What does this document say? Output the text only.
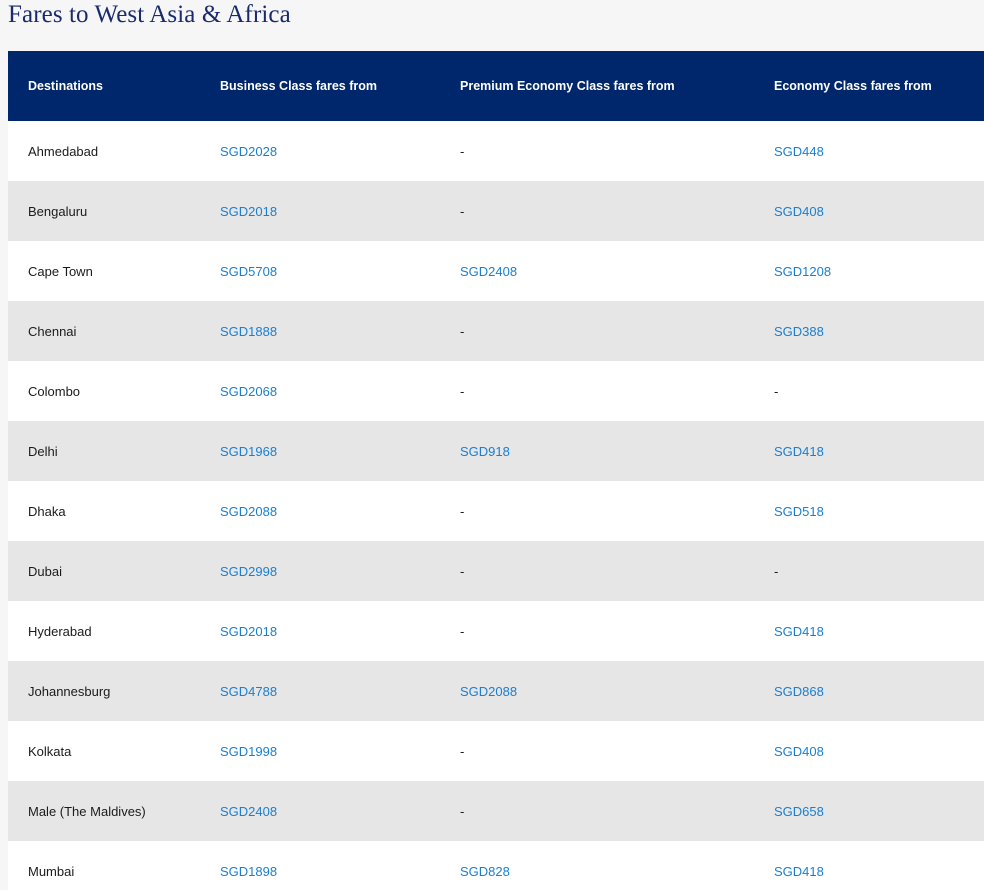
Fares to West Asia & Africa
Destinations	Business Class fares from	Premium Economy Class fares from	Economy Class fares from
Ahmedabad	SGD2028	-	SGD448
Bengaluru	SGD2018	-	SGD408
Cape Town	SGD5708	SGD2408	SGD1208
Chennai	SGD1888	-	SGD388
Colombo	SGD2068	-	-
Delhi	SGD1968	SGD918	SGD418
Dhaka	SGD2088	-	SGD518
Dubai	SGD2998	-	-
Hyderabad	SGD2018	-	SGD418
Johannesburg	SGD4788	SGD2088	SGD868
Kolkata	SGD1998	-	SGD408
Male (The Maldives)	SGD2408	-	SGD658
Mumbai	SGD1898	SGD828	SGD418
